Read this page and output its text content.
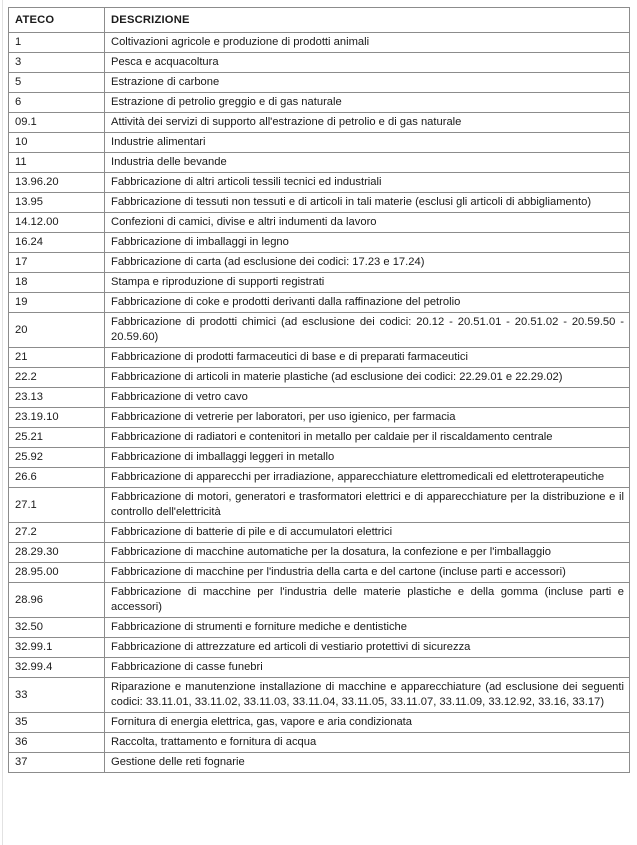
ATECO	DESCRIZIONE
1	Coltivazioni agricole e produzione di prodotti animali
3	Pesca e acquacoltura
5	Estrazione di carbone
6	Estrazione di petrolio greggio e di gas naturale
09.1	Attività dei servizi di supporto all'estrazione di petrolio e di gas naturale
10	Industrie alimentari
11	Industria delle bevande
13.96.20	Fabbricazione di altri articoli tessili tecnici ed industriali
13.95	Fabbricazione di tessuti non tessuti e di articoli in tali materie (esclusi gli articoli di abbigliamento)
14.12.00	Confezioni di camici, divise e altri indumenti da lavoro
16.24	Fabbricazione di imballaggi in legno
17	Fabbricazione di carta (ad esclusione dei codici: 17.23 e 17.24)
18	Stampa e riproduzione di supporti registrati
19	Fabbricazione di coke e prodotti derivanti dalla raffinazione del petrolio
20	Fabbricazione di prodotti chimici (ad esclusione dei codici: 20.12 - 20.51.01 - 20.51.02 - 20.59.50 - 20.59.60)
21	Fabbricazione di prodotti farmaceutici di base e di preparati farmaceutici
22.2	Fabbricazione di articoli in materie plastiche (ad esclusione dei codici: 22.29.01 e 22.29.02)
23.13	Fabbricazione di vetro cavo
23.19.10	Fabbricazione di vetrerie per laboratori, per uso igienico, per farmacia
25.21	Fabbricazione di radiatori e contenitori in metallo per caldaie per il riscaldamento centrale
25.92	Fabbricazione di imballaggi leggeri in metallo
26.6	Fabbricazione di apparecchi per irradiazione, apparecchiature elettromedicali ed elettroterapeutiche
27.1	Fabbricazione di motori, generatori e trasformatori elettrici e di apparecchiature per la distribuzione e il controllo dell'elettricità
27.2	Fabbricazione di batterie di pile e di accumulatori elettrici
28.29.30	Fabbricazione di macchine automatiche per la dosatura, la confezione e per l'imballaggio
28.95.00	Fabbricazione di macchine per l'industria della carta e del cartone (incluse parti e accessori)
28.96	Fabbricazione di macchine per l'industria delle materie plastiche e della gomma (incluse parti e accessori)
32.50	Fabbricazione di strumenti e forniture mediche e dentistiche
32.99.1	Fabbricazione di attrezzature ed articoli di vestiario protettivi di sicurezza
32.99.4	Fabbricazione di casse funebri
33	Riparazione e manutenzione installazione di macchine e apparecchiature (ad esclusione dei seguenti codici: 33.11.01, 33.11.02, 33.11.03, 33.11.04, 33.11.05, 33.11.07, 33.11.09, 33.12.92, 33.16, 33.17)
35	Fornitura di energia elettrica, gas, vapore e aria condizionata
36	Raccolta, trattamento e fornitura di acqua
37	Gestione delle reti fognarie
